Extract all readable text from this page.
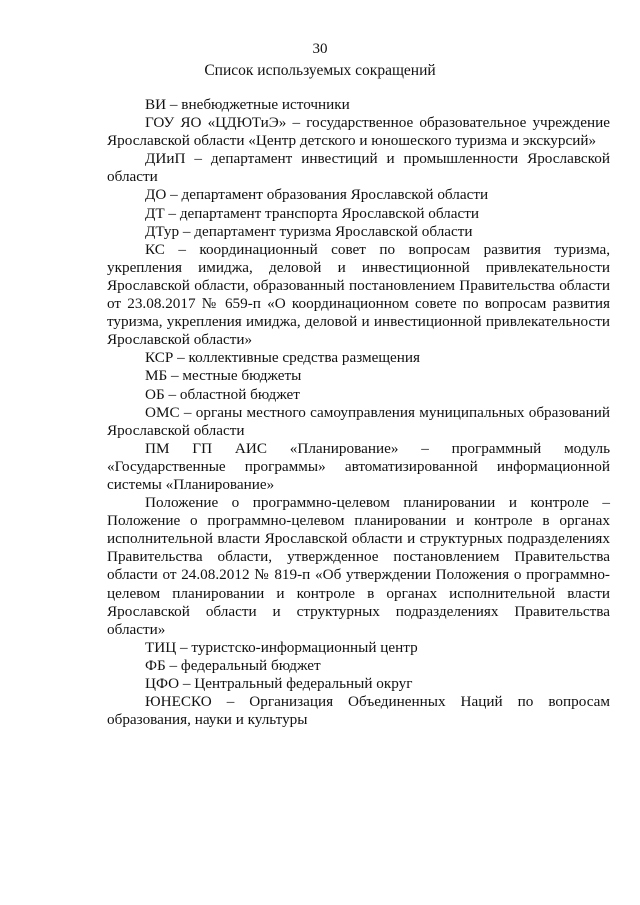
30

Список используемых сокращений

ВИ – внебюджетные источники

ГОУ ЯО «ЦДЮТиЭ» – государственное образовательное учреждение Ярославской области «Центр детского и юношеского туризма и экскурсий»

ДИиП – департамент инвестиций и промышленности Ярославской области

ДО – департамент образования Ярославской области

ДТ – департамент транспорта Ярославской области

ДТур – департамент туризма Ярославской области

КС – координационный совет по вопросам развития туризма, укрепления имиджа, деловой и инвестиционной привлекательности Ярославской области, образованный постановлением Правительства области от 23.08.2017 № 659-п «О координационном совете по вопросам развития туризма, укрепления имиджа, деловой и инвестиционной привлекательности Ярославской области»

КСР – коллективные средства размещения

МБ – местные бюджеты

ОБ – областной бюджет

ОМС – органы местного самоуправления муниципальных образований Ярославской области

ПМ ГП АИС «Планирование» – программный модуль «Государственные программы» автоматизированной информационной системы «Планирование»

Положение о программно-целевом планировании и контроле – Положение о программно-целевом планировании и контроле в органах исполнительной власти Ярославской области и структурных подразделениях Правительства области, утвержденное постановлением Правительства области от 24.08.2012 № 819-п «Об утверждении Положения о программно-целевом планировании и контроле в органах исполнительной власти Ярославской области и структурных подразделениях Правительства области»

ТИЦ – туристско-информационный центр

ФБ – федеральный бюджет

ЦФО – Центральный федеральный округ

ЮНЕСКО – Организация Объединенных Наций по вопросам образования, науки и культуры
